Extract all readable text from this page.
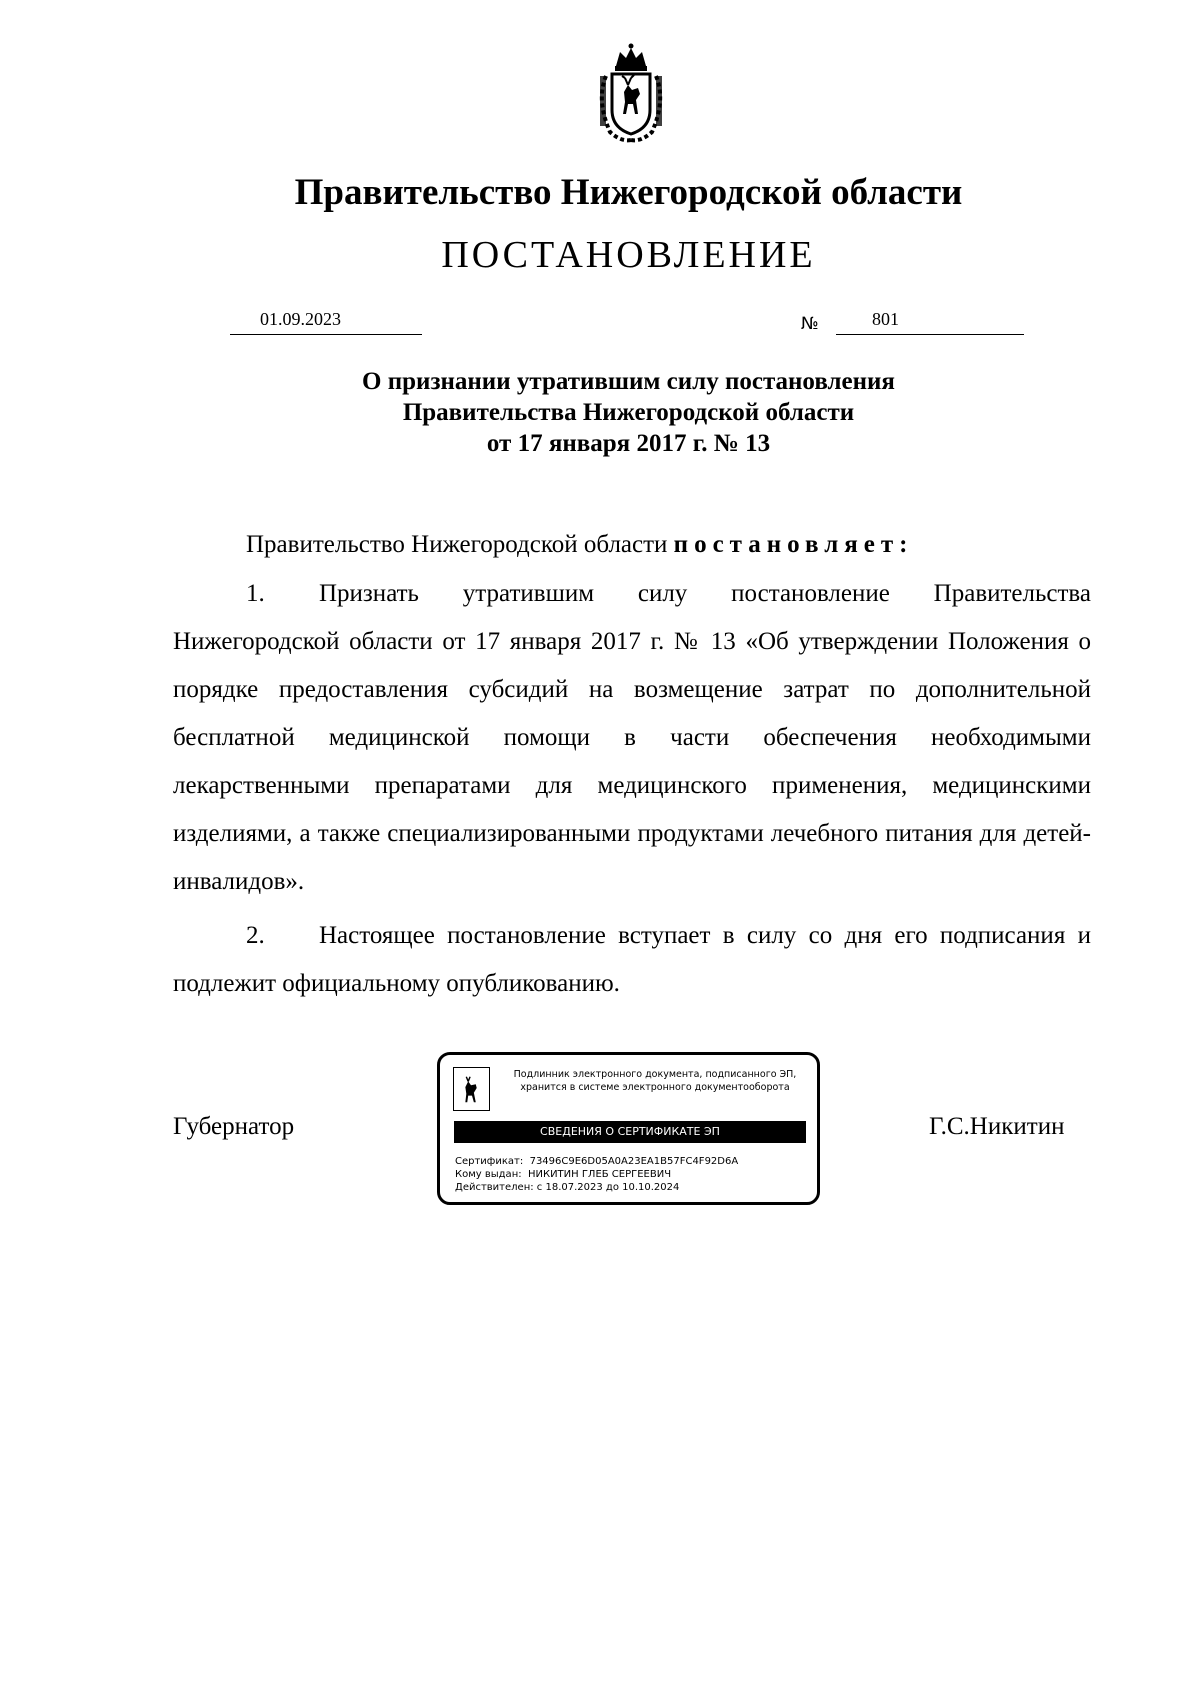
Правительство Нижегородской области
ПОСТАНОВЛЕНИЕ
01.09.2023	№	801
О признании утратившим силу постановления
Правительства Нижегородской области
от 17 января 2017 г. № 13
Правительство Нижегородской области постановляет:
1. Признать утратившим силу постановление Правительства Нижегородской области от 17 января 2017 г. № 13 «Об утверждении Положения о порядке предоставления субсидий на возмещение затрат по дополнительной бесплатной медицинской помощи в части обеспечения необходимыми лекарственными препаратами для медицинского применения, медицинскими изделиями, а также специализированными продуктами лечебного питания для детей-инвалидов».
2. Настоящее постановление вступает в силу со дня его подписания и подлежит официальному опубликованию.
Губернатор	Г.С.Никитин
Подлинник электронного документа, подписанного ЭП,
хранится в системе электронного документооборота
СВЕДЕНИЯ О СЕРТИФИКАТЕ ЭП
Сертификат: 73496C9E6D05A0A23EA1B57FC4F92D6A
Кому выдан: НИКИТИН ГЛЕБ СЕРГЕЕВИЧ
Действителен: с 18.07.2023 до 10.10.2024
